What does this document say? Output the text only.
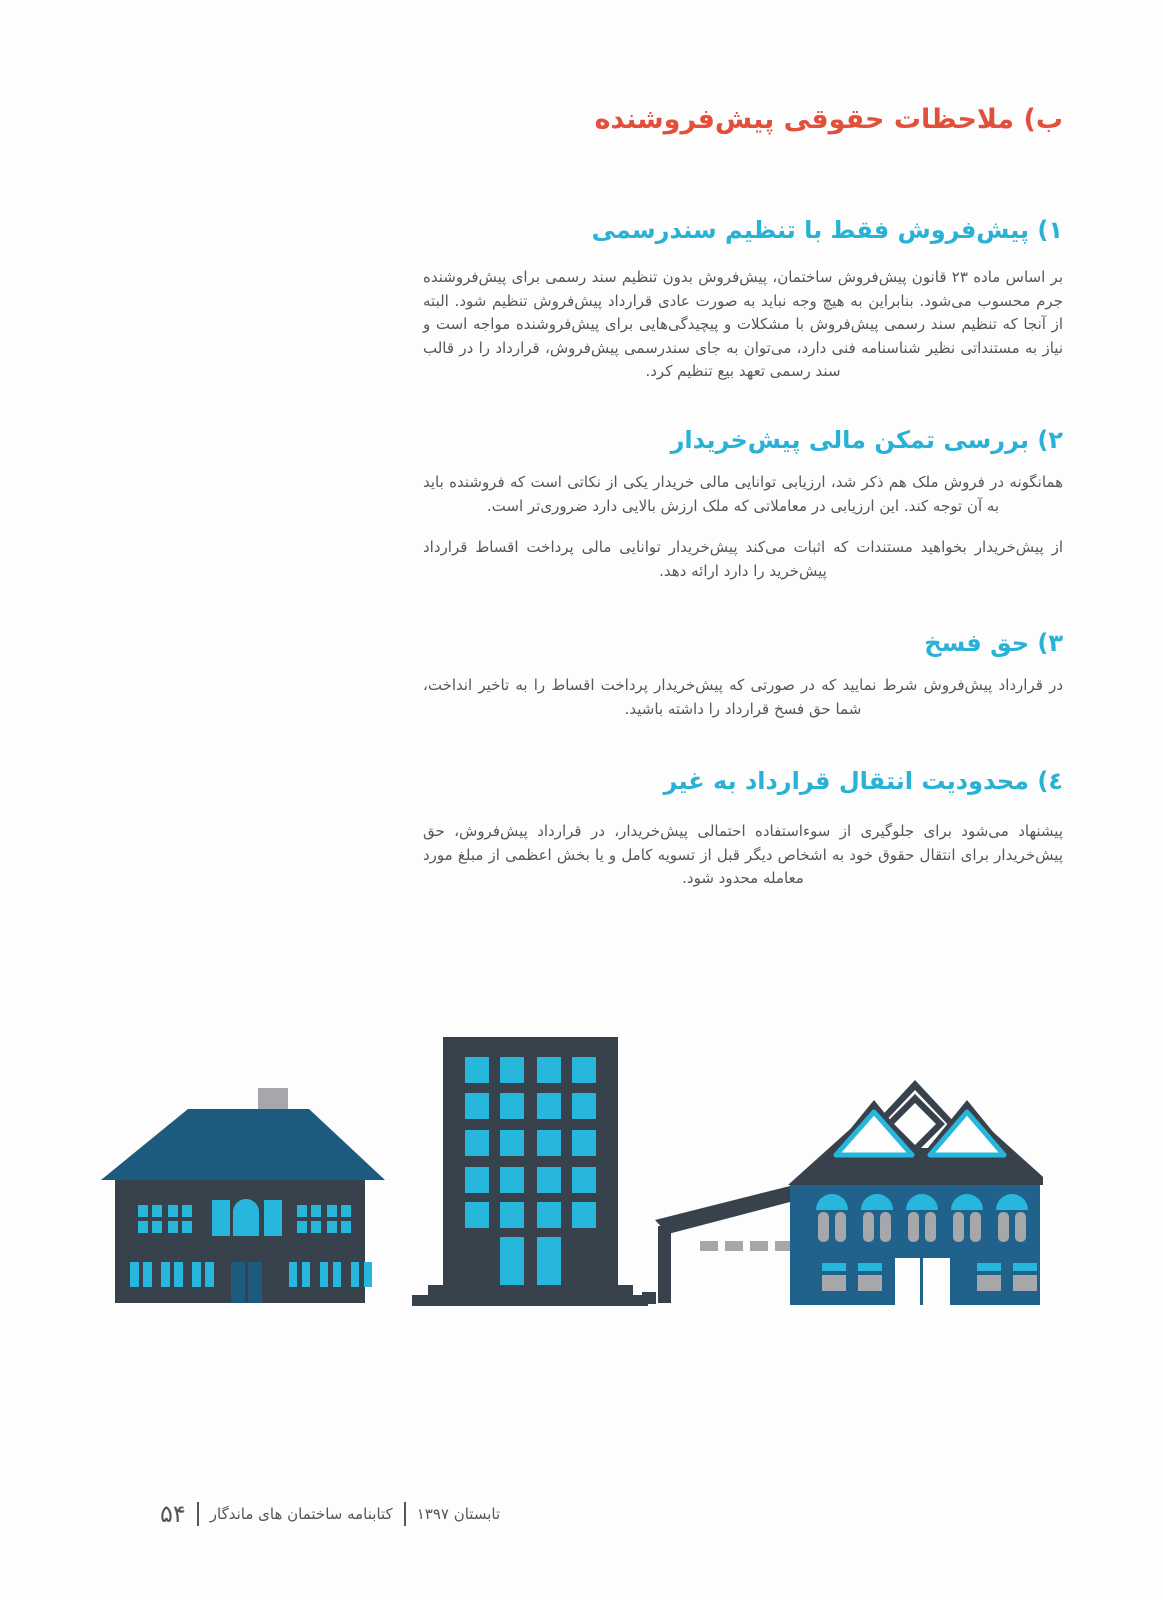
ب) ملاحظات حقوقی پیش‌فروشنده
۱) پیش‌فروش فقط با تنظیم سندرسمی

بر اساس ماده ۲۳ قانون پیش‌فروش ساختمان، پیش‌فروش بدون تنظیم سند رسمی برای پیش‌فروشنده جرم محسوب می‌شود. بنابراین به هیچ وجه نباید به صورت عادی قرارداد پیش‌فروش تنظیم شود. البته از آنجا که تنظیم سند رسمی پیش‌فروش با مشکلات و پیچیدگی‌هایی برای پیش‌فروشنده مواجه است و نیاز به مستنداتی نظیر شناسنامه فنی دارد، می‌توان به جای سندرسمی پیش‌فروش، قرارداد را در قالب سند رسمی تعهد بیع تنظیم کرد.

۲) بررسی تمکن مالی پیش‌خریدار

همانگونه در فروش ملک هم ذکر شد، ارزیابی توانایی مالی خریدار یکی از نکاتی است که فروشنده باید به آن توجه کند. این ارزیابی در معاملاتی که ملک ارزش بالایی دارد ضروری‌تر است.

از پیش‌خریدار بخواهید مستندات که اثبات می‌کند پیش‌خریدار توانایی مالی پرداخت اقساط قرارداد پیش‌خرید را دارد ارائه دهد.

۳) حق فسخ

در قرارداد پیش‌فروش شرط نمایید که در صورتی که پیش‌خریدار پرداخت اقساط را به تاخیر انداخت، شما حق فسخ قرارداد را داشته باشید.

٤) محدودیت انتقال قرارداد به غیر

پیشنهاد می‌شود برای جلوگیری از سوءاستفاده احتمالی پیش‌خریدار، در قرارداد پیش‌فروش، حق پیش‌خریدار برای انتقال حقوق خود به اشخاص دیگر قبل از تسویه کامل و یا بخش اعظمی از مبلغ مورد معامله محدود شود.

تابستان ۱۳۹۷
کتابنامه ساختمان های ماندگار
۵۴
